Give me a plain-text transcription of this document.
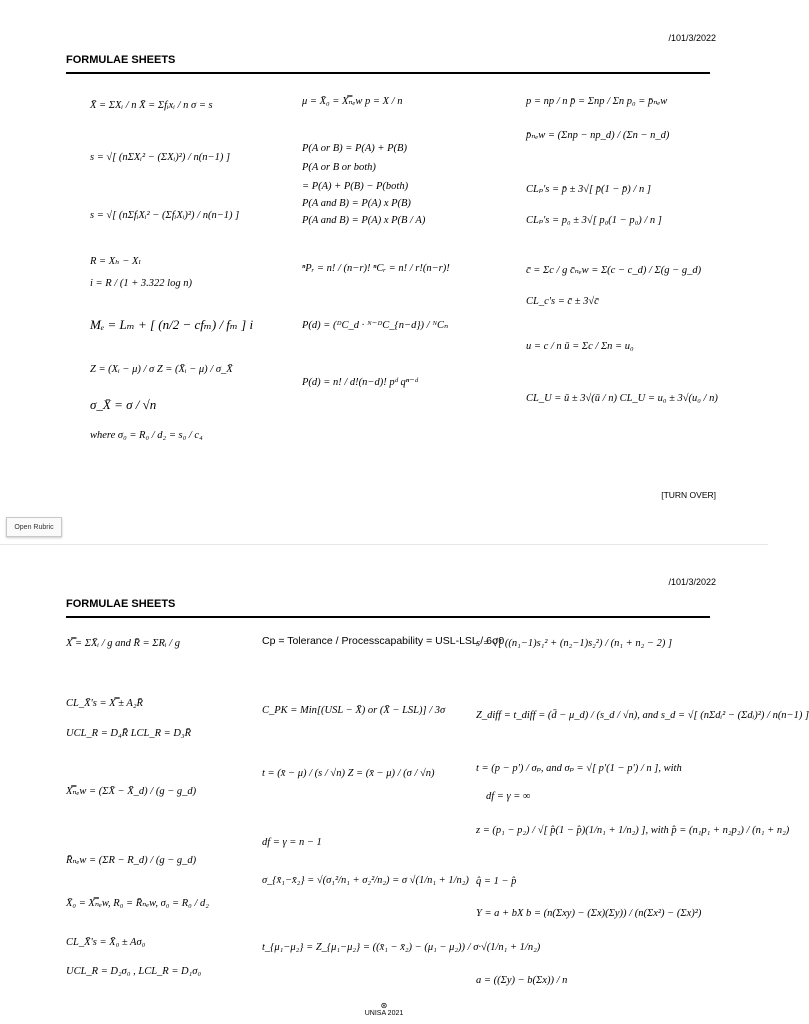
/101/3/2022
FORMULAE SHEETS
X̄ = ΣXᵢ / n X̄ = Σfᵢxᵢ / n σ = s
s = √[ (nΣXᵢ² − (ΣXᵢ)²) / n(n−1) ]
s = √[ (nΣfᵢXᵢ² − (ΣfᵢXᵢ)²) / n(n−1) ]
R = Xₕ − Xₗ
i = R / (1 + 3.322 log n)
Mₑ = Lₘ + [ (n/2 − cfₘ) / fₘ ] i
Z = (Xᵢ − μ) / σ Z = (X̄ᵢ − μ) / σ_X̄
σ_X̄ = σ / √n
where σ₀ = R₀ / d₂ = s₀ / c₄
μ = X̄₀ = X̿ₙₑw p = X / n
P(A or B) = P(A) + P(B)
P(A or B or both)
= P(A) + P(B) − P(both)
P(A and B) = P(A) x P(B)
P(A and B) = P(A) x P(B / A)
ⁿPᵣ = n! / (n−r)! ⁿCᵣ = n! / r!(n−r)!
P(d) = (ᴰC_d · ᴺ⁻ᴰC_{n−d}) / ᴺCₙ
P(d) = n! / d!(n−d)! pᵈ qⁿ⁻ᵈ
p = np / n p̄ = Σnp / Σn p₀ = p̄ₙₑw
p̄ₙₑw = (Σnp − np_d) / (Σn − n_d)
CLₚ's = p̄ ± 3√[ p̄(1 − p̄) / n ]
CLₚ's = p₀ ± 3√[ p₀(1 − p₀) / n ]
c̄ = Σc / g c̄ₙₑw = Σ(c − c_d) / Σ(g − g_d)
CL_c's = c̄ ± 3√c̄
u = c / n ū = Σc / Σn = u₀
CL_U = ū ± 3√(ū / n) CL_U = u₀ ± 3√(u₀ / n)
[TURN OVER]
Open Rubric
/101/3/2022
FORMULAE SHEETS
X̿ = ΣX̄ᵢ / g and R̄ = ΣRᵢ / g
CL_X̄'s = X̿ ± A₂R̄
UCL_R = D₄R̄ LCL_R = D₃R̄
X̿ₙₑw = (ΣX̄ − X̄_d) / (g − g_d)
R̄ₙₑw = (ΣR − R_d) / (g − g_d)
X̄₀ = X̿ₙₑw, R₀ = R̄ₙₑw, σ₀ = R₀ / d₂
CL_X̄'s = X̄₀ ± Aσ₀
UCL_R = D₂σ₀ , LCL_R = D₁σ₀
Cp = Tolerance / Processcapability = USL-LSL / 6σ0
C_PK = Min[(USL − X̄) or (X̄ − LSL)] / 3σ
t = (x̄ − μ) / (s / √n) Z = (x̄ − μ) / (σ / √n)
df = γ = n − 1
σ_{x̄₁−x̄₂} = √(σ₁²/n₁ + σ₂²/n₂) = σ √(1/n₁ + 1/n₂)
t_{μ₁−μ₂} = Z_{μ₁−μ₂} = ((x̄₁ − x̄₂) − (μ₁ − μ₂)) / σ·√(1/n₁ + 1/n₂)
s = √[ ((n₁−1)s₁² + (n₂−1)s₂²) / (n₁ + n₂ − 2) ]
Z_diff = t_diff = (d̄ − μ_d) / (s_d / √n), and s_d = √[ (nΣdᵢ² − (Σdᵢ)²) / n(n−1) ]
t = (p − p') / σₚ, and σₚ = √[ p'(1 − p') / n ], with
df = γ = ∞
z = (p₁ − p₂) / √[ p̂(1 − p̂)(1/n₁ + 1/n₂) ], with p̂ = (n₁p₁ + n₂p₂) / (n₁ + n₂)
q̂ = 1 − p̂
Y = a + bX b = (n(Σxy) − (Σx)(Σy)) / (n(Σx²) − (Σx)²)
a = ((Σy) − b(Σx)) / n
⊛
UNISA 2021
